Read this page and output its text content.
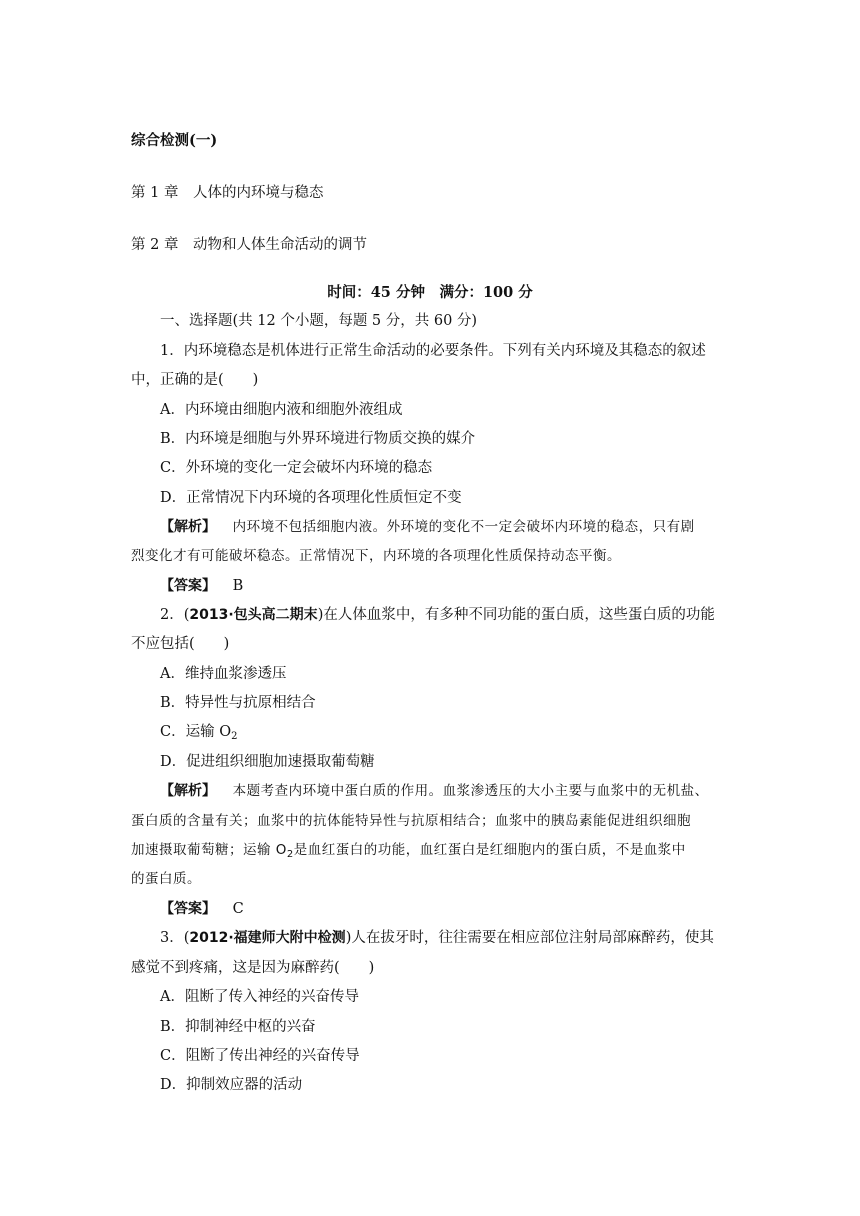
综合检测(一)
第 1 章　人体的内环境与稳态
第 2 章　动物和人体生命活动的调节
时间：45 分钟　满分：100 分
一、选择题(共 12 个小题，每题 5 分，共 60 分)
1．内环境稳态是机体进行正常生命活动的必要条件。下列有关内环境及其稳态的叙述
中，正确的是(　　)
A．内环境由细胞内液和细胞外液组成
B．内环境是细胞与外界环境进行物质交换的媒介
C．外环境的变化一定会破坏内环境的稳态
D．正常情况下内环境的各项理化性质恒定不变
【解析】 内环境不包括细胞内液。外环境的变化不一定会破坏内环境的稳态，只有剧
烈变化才有可能破坏稳态。正常情况下，内环境的各项理化性质保持动态平衡。
【答案】 B
2．(2013·包头高二期末)在人体血浆中，有多种不同功能的蛋白质，这些蛋白质的功能
不应包括(　　)
A．维持血浆渗透压
B．特异性与抗原相结合
C．运输 $O_2$
D．促进组织细胞加速摄取葡萄糖
【解析】 本题考查内环境中蛋白质的作用。血浆渗透压的大小主要与血浆中的无机盐、
蛋白质的含量有关；血浆中的抗体能特异性与抗原相结合；血浆中的胰岛素能促进组织细胞
加速摄取葡萄糖；运输 $O_2$是血红蛋白的功能，血红蛋白是红细胞内的蛋白质，不是血浆中
的蛋白质。
【答案】 C
3．(2012·福建师大附中检测)人在拔牙时，往往需要在相应部位注射局部麻醉药，使其
感觉不到疼痛，这是因为麻醉药(　　)
A．阻断了传入神经的兴奋传导
B．抑制神经中枢的兴奋
C．阻断了传出神经的兴奋传导
D．抑制效应器的活动
